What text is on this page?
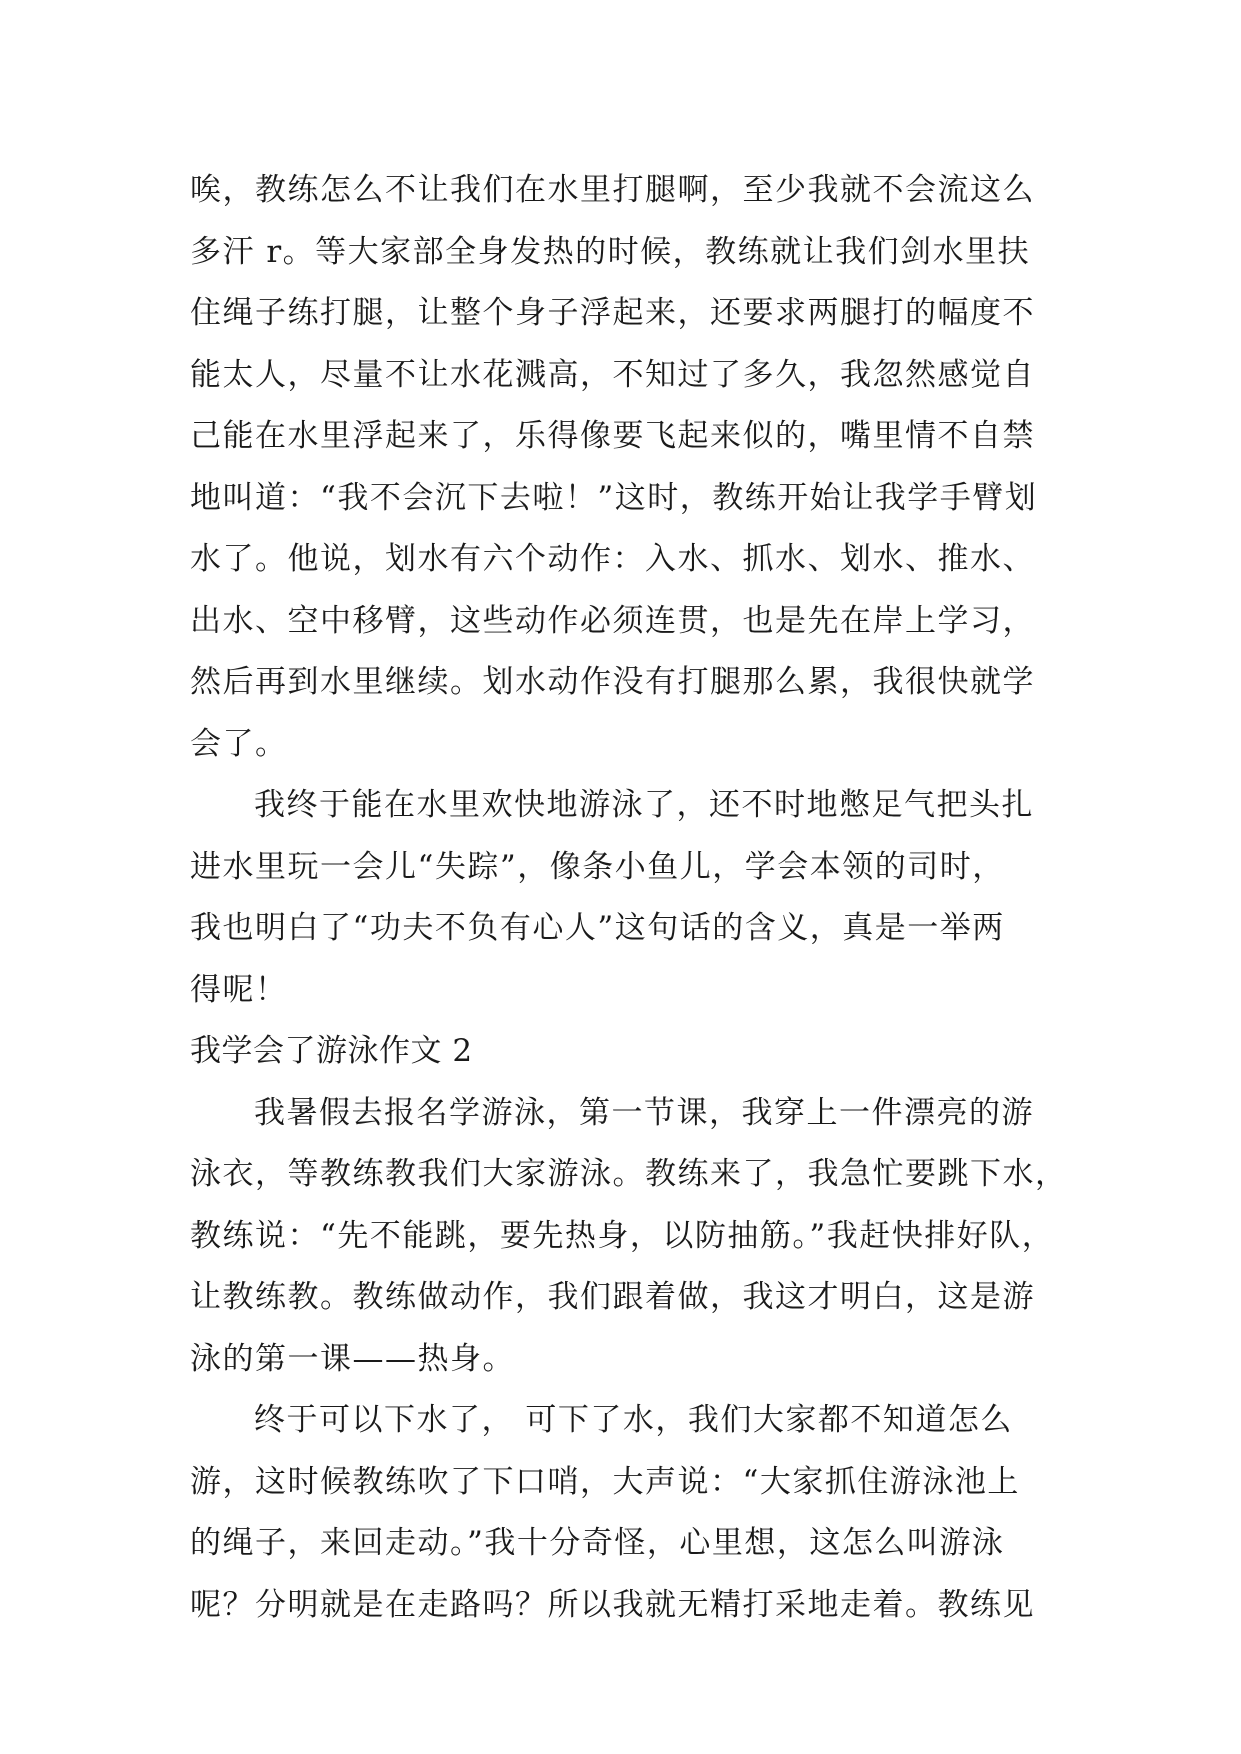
唉，教练怎么不让我们在水里打腿啊，至少我就不会流这么
多汗 r。等大家部全身发热的时候，教练就让我们剑水里扶
住绳子练打腿，让整个身子浮起来，还要求两腿打的幅度不
能太人，尽量不让水花溅高，不知过了多久，我忽然感觉自
己能在水里浮起来了，乐得像要飞起来似的，嘴里情不自禁
地叫道：“我不会沉下去啦！”这时，教练开始让我学手臂划
水了。他说，划水有六个动作：入水、抓水、划水、推水、
出水、空中移臂，这些动作必须连贯，也是先在岸上学习，
然后再到水里继续。划水动作没有打腿那么累，我很快就学
会了。
我终于能在水里欢快地游泳了，还不时地憋足气把头扎
进水里玩一会儿“失踪”，像条小鱼儿，学会本领的司时，
我也明白了“功夫不负有心人”这句话的含义，真是一举两
得呢！
我学会了游泳作文 2
我暑假去报名学游泳，第一节课，我穿上一件漂亮的游
泳衣，等教练教我们大家游泳。教练来了，我急忙要跳下水，
教练说：“先不能跳，要先热身，以防抽筋。”我赶快排好队，
让教练教。教练做动作，我们跟着做，我这才明白，这是游
泳的第一课——热身。
终于可以下水了， 可下了水，我们大家都不知道怎么
游，这时候教练吹了下口哨，大声说：“大家抓住游泳池上
的绳子，来回走动。”我十分奇怪，心里想，这怎么叫游泳
呢？分明就是在走路吗？所以我就无精打采地走着。教练见
